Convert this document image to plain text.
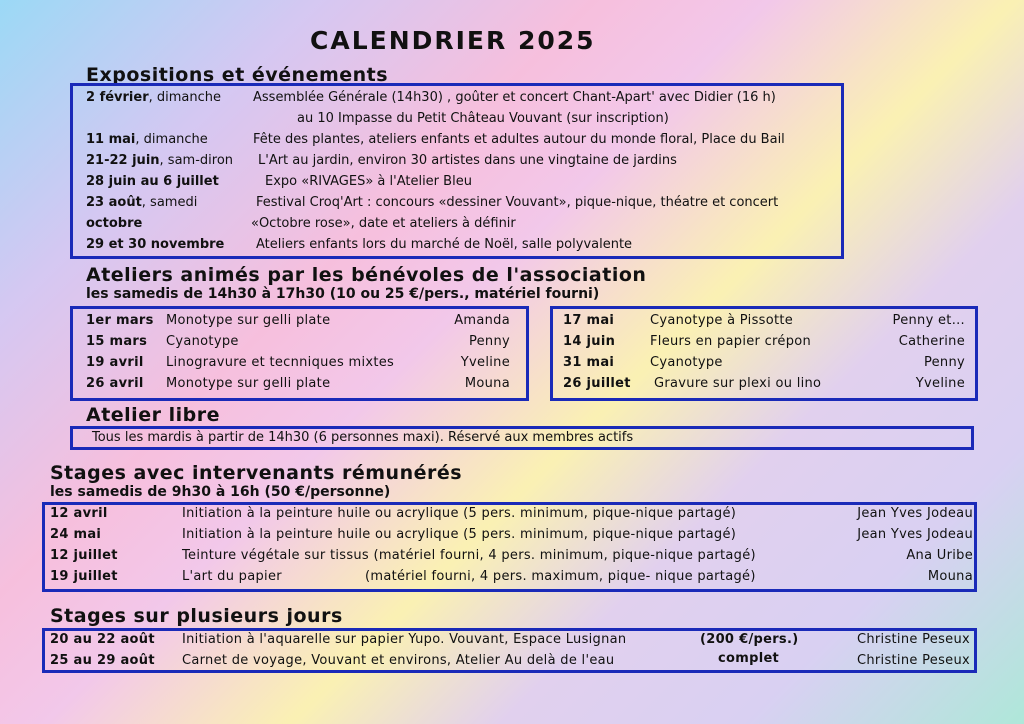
CALENDRIER 2025
Expositions et événements
2 février, dimanche Assemblée Générale (14h30) , goûter et concert Chant-Apart' avec Didier (16 h)
au 10 Impasse du Petit Château Vouvant (sur inscription)
11 mai, dimanche	Fête des plantes, ateliers enfants et adultes autour du monde floral, Place du Bail
21-22 juin, sam-diron L'Art au jardin, environ 30 artistes dans une vingtaine de jardins
28 juin au 6 juillet	Expo «RIVAGES» à l'Atelier Bleu
23 août, samedi	Festival Croq'Art : concours «dessiner Vouvant», pique-nique, théatre et concert
octobre	«Octobre rose», date et ateliers à définir
29 et 30 novembre Ateliers enfants lors du marché de Noël, salle polyvalente
Ateliers animés par les bénévoles de l'association
les samedis de 14h30 à 17h30 (10 ou 25 €/pers., matériel fourni)
1er mars Monotype sur gelli plate	Amanda
15 mars Cyanotype	Penny
19 avril Linogravure et tecnniques mixtes	Yveline
26 avril Monotype sur gelli plate	Mouna
17 mai	Cyanotype à Pissotte	Penny et...
14 juin	Fleurs en papier crépon	Catherine
31 mai	Cyanotype	Penny
26 juillet Gravure sur plexi ou lino	Yveline
Atelier libre
Tous les mardis à partir de 14h30 (6 personnes maxi). Réservé aux membres actifs
Stages avec intervenants rémunérés
les samedis de 9h30 à 16h (50 €/personne)
12 avril	Initiation à la peinture huile ou acrylique (5 pers. minimum, pique-nique partagé)	Jean Yves Jodeau
24 mai	Initiation à la peinture huile ou acrylique (5 pers. minimum, pique-nique partagé)	Jean Yves Jodeau
12 juillet	Teinture végétale sur tissus (matériel fourni, 4 pers. minimum, pique-nique partagé)	Ana Uribe
19 juillet	L'art du papier	(matériel fourni, 4 pers. maximum, pique- nique partagé)	Mouna
Stages sur plusieurs jours
20 au 22 août Initiation à l'aquarelle sur papier Yupo. Vouvant, Espace Lusignan	(200 €/pers.)	Christine Peseux
25 au 29 août Carnet de voyage, Vouvant et environs, Atelier Au delà de l'eau	complet	Christine Peseux
